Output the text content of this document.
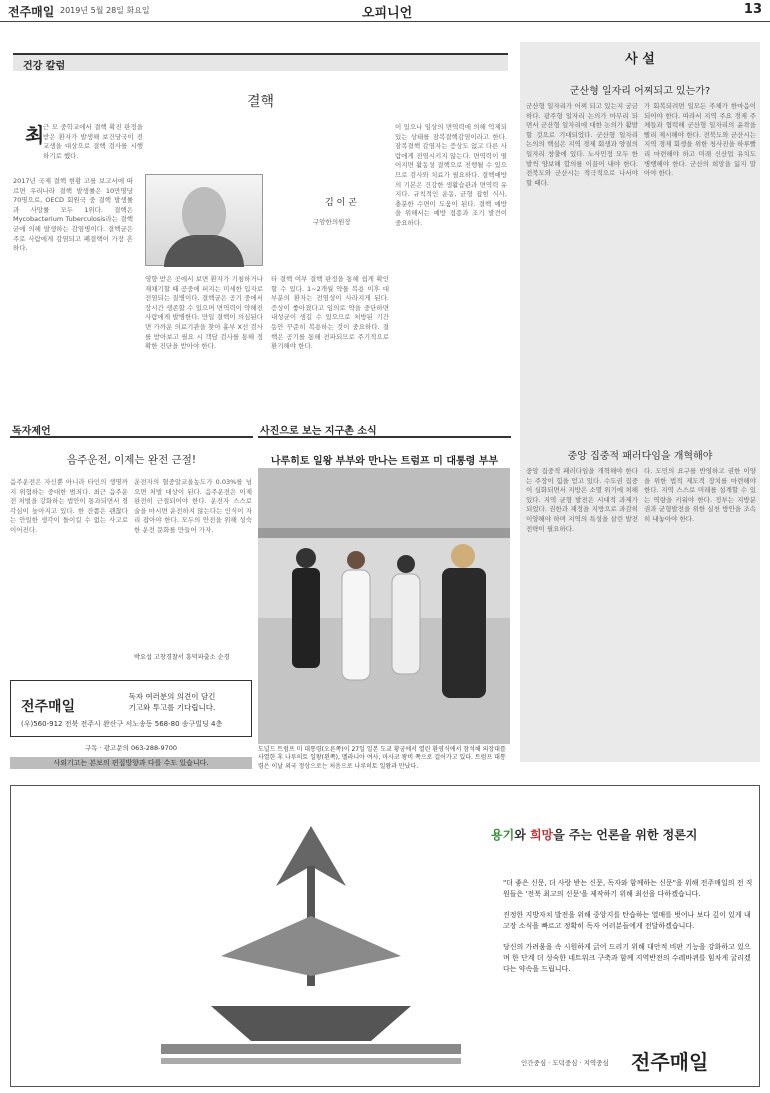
전주매일 2019년 5월 28일 화요일	오피니언	13
건강 칼럼
결핵
김 이 곤
구암한의원장
최
근 모 중학교에서 결핵 확진 판정을 받은 환자가 발생해 보건당국이 전교생을 대상으로 결핵 검사를 시행하기로 했다.
2017년 국제 결핵 현황 고를 보고서에 따르면 우리나라 결핵 발생률은 10만명당 70명으로, OECD 회원국 중 결핵 발생률과 사망률 모두 1위다. 결핵은 Mycobacterium Tuberculosis라는 결핵균에 의해 발생하는 감염병이다. 결핵균은 주로 사람에게 감염되고 폐결핵이 가장 흔하다.
영향 받은 곳에서 보면 환자가 기침하거나 재채기할 때 공중에 퍼지는 미세한 입자로 전염되는 질병이다. 결핵균은 공기 중에서 장시간 생존할 수 있으며 면역력이 약해진 사람에게 발병한다. 만일 결핵이 의심된다면 가까운 의료기관을 찾아 흉부 X선 검사를 받아보고 필요 시 객담 검사를 통해 정확한 진단을 받아야 한다.
타 결핵 여부 결핵 판정을 통해 쉽게 확인할 수 있다. 1~2개월 약물 복용 이후 대부분의 환자는 전염성이 사라지게 된다. 증상이 좋아졌다고 임의로 약을 중단하면 내성균이 생길 수 있으므로 처방된 기간 동안 꾸준히 복용하는 것이 중요하다. 결핵은 공기를 통해 전파되므로 주기적으로 환기해야 한다.
이 있으나 임상의 면역력에 의해 억제되 있는 상태를 잠복결핵감염이라고 한다. 잠복결핵 감염자는 증상도 없고 다른 사람에게 전염시키지 않는다. 면역력이 떨어지면 활동성 결핵으로 진행될 수 있으므로 검사와 치료가 필요하다. 결핵예방의 기본은 건강한 생활습관과 면역력 유지다. 규칙적인 운동, 균형 잡힌 식사, 충분한 수면이 도움이 된다. 결핵 예방을 위해서는 예방 접종과 조기 발견이 중요하다.
사 설
군산형 일자리 어찌되고 있는가?
군산형 일자리가 어찌 되고 있는지 궁금하다. 광주형 일자리 논의가 마무리 되면서 군산형 일자리에 대한 논의가 활발할 것으로 기대되었다. 군산형 일자리 논의의 핵심은 지역 경제 회생과 양질의 일자리 창출에 있다. 노사민정 모두 한 발씩 양보해 합의를 이끌어 내야 한다. 전북도와 군산시는 적극적으로 나서야 할 때다.
가 회복되려면 일모든 주체가 한마음이 되어야 한다. 따라서 지역 주요 경제 주체들과 협력해 군산형 일자리의 윤곽을 빨리 제시해야 한다. 전북도와 군산시는 지역 경제 회생을 위한 청사진을 하루빨리 마련해야 하고 미래 신산업 유치도 병행해야 한다. 군산의 희망을 잃지 말아야 한다.
중앙 집중적 패러다임을 개혁해야
중앙 집중적 패러다임을 개혁해야 한다는 주장이 힘을 얻고 있다. 수도권 집중이 심화되면서 지방은 소멸 위기에 처해 있다. 지역 균형 발전은 시대적 과제가 되었다. 권한과 재정을 지방으로 과감히 이양해야 하며 지역의 특성을 살린 발전 전략이 필요하다.
다. 도민의 요구를 반영하고 권한 이양을 위한 법적 제도적 장치를 마련해야 한다. 지역 스스로 미래를 설계할 수 있는 역량을 키워야 한다. 정부는 지방분권과 균형발전을 위한 실천 방안을 조속히 내놓아야 한다.
독자제언
음주운전, 이제는 완전 근절!
음주운전은 자신뿐 아니라 타인의 생명까지 위협하는 중대한 범죄다. 최근 음주운전 처벌을 강화하는 법안이 통과되면서 경각심이 높아지고 있다. 한 잔쯤은 괜찮다는 안일한 생각이 돌이킬 수 없는 사고로 이어진다.
운전자의 혈중알코올농도가 0.03%를 넘으면 처벌 대상이 된다. 음주운전은 이제 완전히 근절되어야 한다. 운전자 스스로 술을 마시면 운전하지 않는다는 인식이 자리 잡아야 한다. 모두의 안전을 위해 성숙한 운전 문화를 만들어 가자.
박요섭 고창경찰서 흥덕파출소 순경
전주매일
독자 여러분의 의견이 담긴
기고와 투고를 기다립니다.
(우)560-912 전북 전주시 완산구 서노송동 568-80 송구빌딩 4층
구독 · 광고문의 063-288-9700
사외기고는 본보의 편집방향과 다를 수도 있습니다.
사진으로 보는 지구촌 소식
나루히토 일왕 부부와 만나는 트럼프 미 대통령 부부
도널드 트럼프 미 대통령(오른쪽)이 27일 일본 도쿄 황궁에서 열린 환영식에서 참석해 의장대를 사열한 후 나루히토 일왕(왼쪽), 멜라니아 여사, 마사코 왕비 쪽으로 걸어가고 있다. 트럼프 대통령은 이날 외국 정상으로는 처음으로 나루히토 일왕과 만났다.
용기와 희망을 주는 언론을 위한 정론지

"더 좋은 신문, 더 사랑 받는 신문, 독자와 함께하는 신문"을 위해 전주매일의 전 직원들은 '전북 최고의 신문'을 제작하기 위해 최선을 다하겠습니다.

진정한 지방자치 발전을 위해 중앙지를 탄습하는 열매를 벗어나 보다 깊이 있게 내 고장 소식을 빠르고 정확히 독자 여러분들에게 전달하겠습니다.

당신의 가려움을 속 시원하게 긁어 드리기 위해 대안적 비판 기능을 강화하고 있으며 한 단계 더 성숙한 네트워크 구축과 함께 지역반전의 수레바퀴를 힘차게 굴리겠다는 약속을 드립니다.

인간중심 · 도덕중심 · 지역중심 전주매일
